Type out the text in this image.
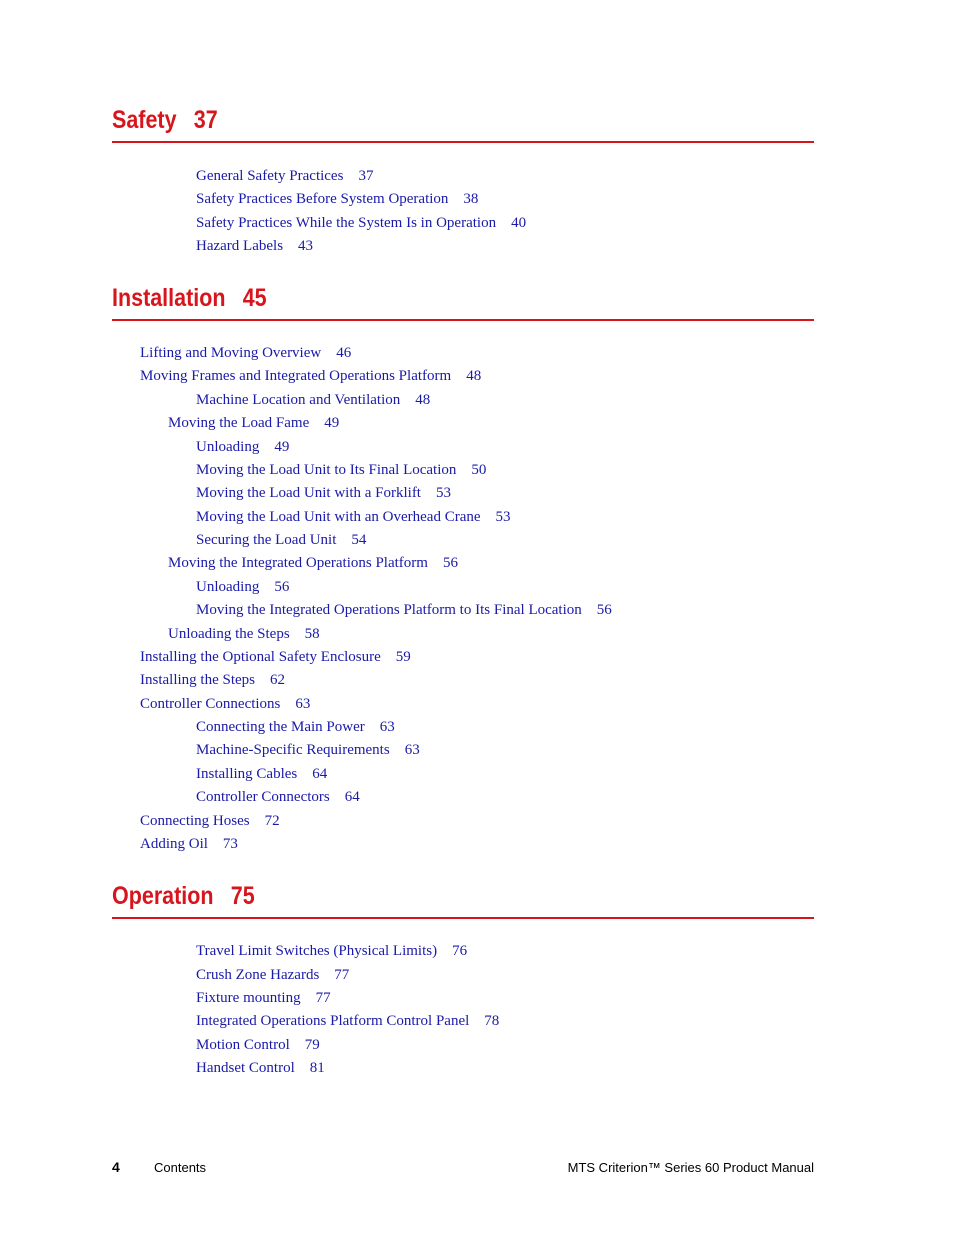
Safety 37
General Safety Practices 37
Safety Practices Before System Operation 38
Safety Practices While the System Is in Operation 40
Hazard Labels 43
Installation 45
Lifting and Moving Overview 46
Moving Frames and Integrated Operations Platform 48
Machine Location and Ventilation 48
Moving the Load Fame 49
Unloading 49
Moving the Load Unit to Its Final Location 50
Moving the Load Unit with a Forklift 53
Moving the Load Unit with an Overhead Crane 53
Securing the Load Unit 54
Moving the Integrated Operations Platform 56
Unloading 56
Moving the Integrated Operations Platform to Its Final Location 56
Unloading the Steps 58
Installing the Optional Safety Enclosure 59
Installing the Steps 62
Controller Connections 63
Connecting the Main Power 63
Machine-Specific Requirements 63
Installing Cables 64
Controller Connectors 64
Connecting Hoses 72
Adding Oil 73
Operation 75
Travel Limit Switches (Physical Limits) 76
Crush Zone Hazards 77
Fixture mounting 77
Integrated Operations Platform Control Panel 78
Motion Control 79
Handset Control 81
4	Contents	MTS Criterion™ Series 60 Product Manual
